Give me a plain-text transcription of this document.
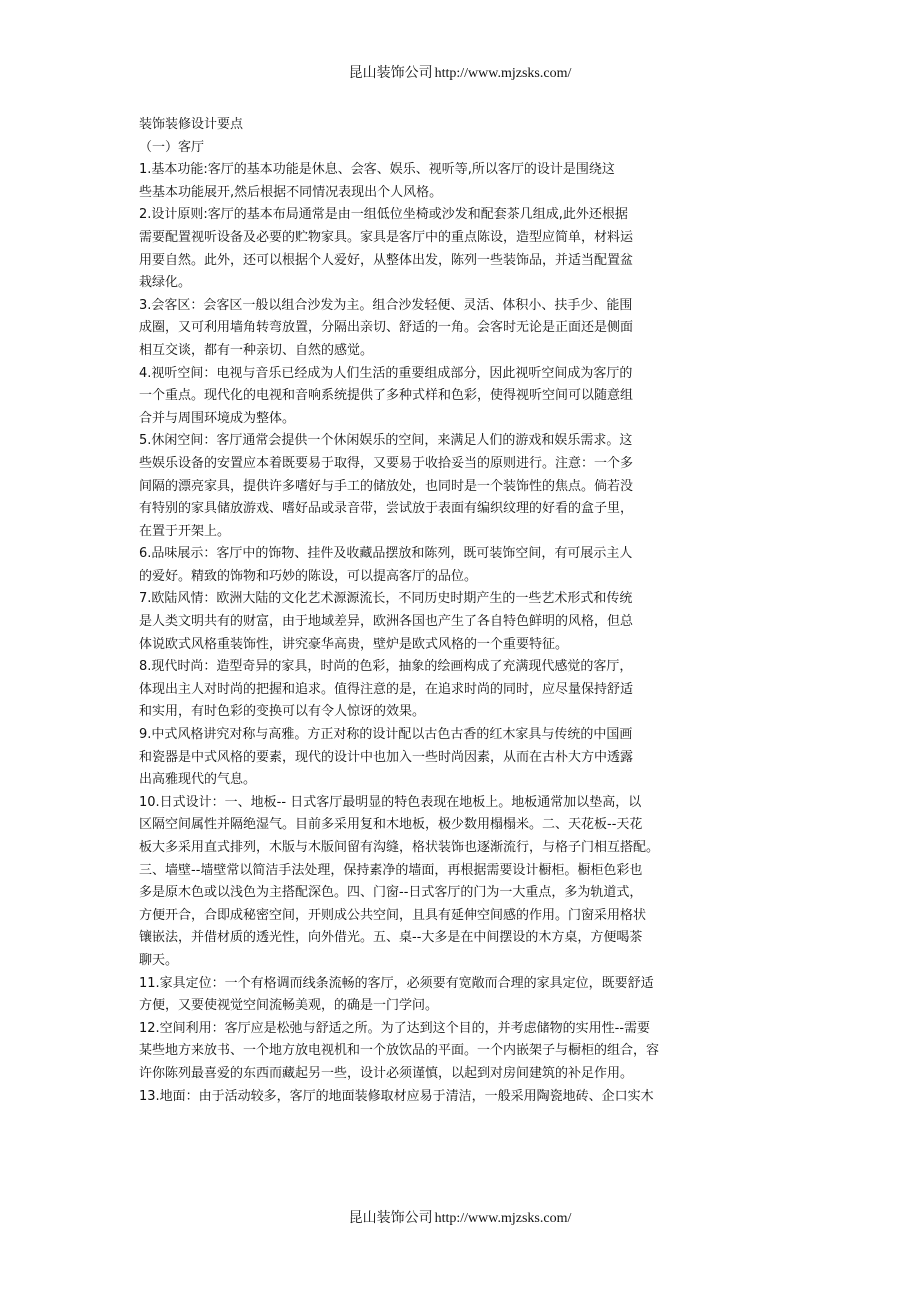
昆山装饰公司 http://www.mjzsks.com/
装饰装修设计要点
（一）客厅
1.基本功能:客厅的基本功能是休息、会客、娱乐、视听等,所以客厅的设计是围绕这
些基本功能展开,然后根据不同情况表现出个人风格。
2.设计原则:客厅的基本布局通常是由一组低位坐椅或沙发和配套茶几组成,此外还根据
需要配置视听设备及必要的贮物家具。家具是客厅中的重点陈设，造型应简单，材料运
用要自然。此外，还可以根据个人爱好，从整体出发，陈列一些装饰品，并适当配置盆
栽绿化。
3.会客区：会客区一般以组合沙发为主。组合沙发轻便、灵活、体积小、扶手少、能围
成圈，又可利用墙角转弯放置，分隔出亲切、舒适的一角。会客时无论是正面还是侧面
相互交谈，都有一种亲切、自然的感觉。
4.视听空间：电视与音乐已经成为人们生活的重要组成部分，因此视听空间成为客厅的
一个重点。现代化的电视和音响系统提供了多种式样和色彩，使得视听空间可以随意组
合并与周围环境成为整体。
5.休闲空间：客厅通常会提供一个休闲娱乐的空间，来满足人们的游戏和娱乐需求。这
些娱乐设备的安置应本着既要易于取得，又要易于收拾妥当的原则进行。注意：一个多
间隔的漂亮家具，提供许多嗜好与手工的储放处，也同时是一个装饰性的焦点。倘若没
有特别的家具储放游戏、嗜好品或录音带，尝试放于表面有编织纹理的好看的盒子里，
在置于开架上。
6.品味展示：客厅中的饰物、挂件及收藏品摆放和陈列，既可装饰空间，有可展示主人
的爱好。精致的饰物和巧妙的陈设，可以提高客厅的品位。
7.欧陆风情：欧洲大陆的文化艺术源源流长，不同历史时期产生的一些艺术形式和传统
是人类文明共有的财富，由于地域差异，欧洲各国也产生了各自特色鲜明的风格，但总
体说欧式风格重装饰性，讲究豪华高贵，壁炉是欧式风格的一个重要特征。
8.现代时尚：造型奇异的家具，时尚的色彩，抽象的绘画构成了充满现代感觉的客厅，
体现出主人对时尚的把握和追求。值得注意的是，在追求时尚的同时，应尽量保持舒适
和实用，有时色彩的变换可以有令人惊讶的效果。
9.中式风格讲究对称与高雅。方正对称的设计配以古色古香的红木家具与传统的中国画
和瓷器是中式风格的要素，现代的设计中也加入一些时尚因素，从而在古朴大方中透露
出高雅现代的气息。
10.日式设计：一、地板-- 日式客厅最明显的特色表现在地板上。地板通常加以垫高，以
区隔空间属性并隔绝湿气。目前多采用复和木地板，极少数用榻榻米。二、天花板--天花
板大多采用直式排列，木版与木版间留有沟缝，格状装饰也逐渐流行，与格子门相互搭配。
三、墙壁--墙壁常以简洁手法处理，保持素净的墙面，再根据需要设计橱柜。橱柜色彩也
多是原木色或以浅色为主搭配深色。四、门窗--日式客厅的门为一大重点，多为轨道式，
方便开合，合即成秘密空间，开则成公共空间，且具有延伸空间感的作用。门窗采用格状
镶嵌法，并借材质的透光性，向外借光。五、桌--大多是在中间摆设的木方桌，方便喝茶
聊天。
11.家具定位：一个有格调而线条流畅的客厅，必须要有宽敞而合理的家具定位，既要舒适
方便，又要使视觉空间流畅美观，的确是一门学问。
12.空间利用：客厅应是松弛与舒适之所。为了达到这个目的，并考虑储物的实用性--需要
某些地方来放书、一个地方放电视机和一个放饮品的平面。一个内嵌架子与橱柜的组合，容
许你陈列最喜爱的东西而藏起另一些，设计必须谨慎，以起到对房间建筑的补足作用。
13.地面：由于活动较多，客厅的地面装修取材应易于清洁，一般采用陶瓷地砖、企口实木
昆山装饰公司 http://www.mjzsks.com/
